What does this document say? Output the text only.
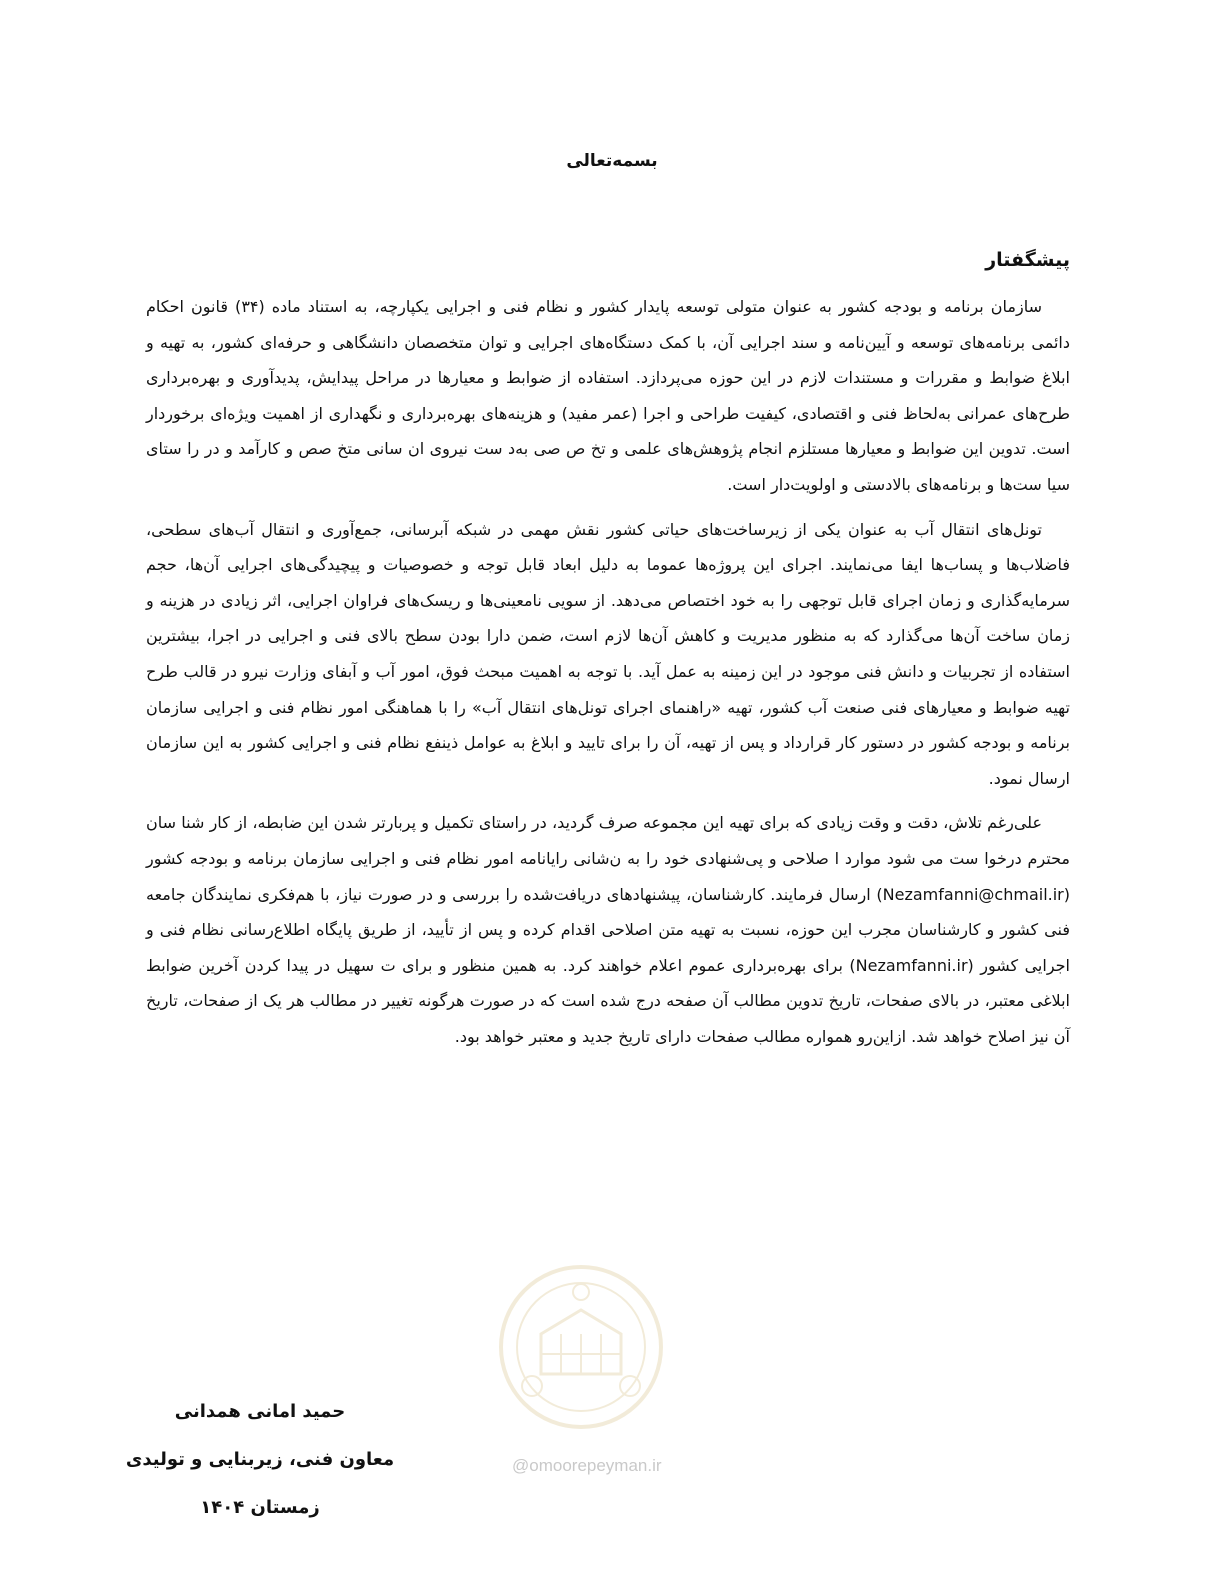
بسمه‌تعالی
پیشگفتار

سازمان برنامه و بودجه کشور به عنوان متولی توسعه پایدار کشور و نظام فنی و اجرایی یکپارچه، به استناد ماده (۳۴) قانون احکام دائمی برنامه‌های توسعه و آیین‌نامه و سند اجرایی آن، با کمک دستگاه‌های اجرایی و توان متخصصان دانشگاهی و حرفه‌ای کشور، به تهیه و ابلاغ ضوابط و مقررات و مستندات لازم در این حوزه می‌پردازد. استفاده از ضوابط و معیارها در مراحل پیدایش، پدیدآوری و بهره‌برداری طرح‌های عمرانی به‌لحاظ فنی و اقتصادی، کیفیت طراحی و اجرا (عمر مفید) و هزینه‌های بهره‌برداری و نگهداری از اهمیت ویژه‌ای برخوردار است. تدوین این ضوابط و معیارها مستلزم انجام پژوهش‌های علمی و تخ ص صی به‌د ست نیروی ان سانی متخ صص و کارآمد و در را ستای سیا ست‌ها و برنامه‌های بالادستی و اولویت‌دار است.

تونل‌های انتقال آب به عنوان یکی از زیرساخت‌های حیاتی کشور نقش مهمی در شبکه آبرسانی، جمع‌آوری و انتقال آب‌های سطحی، فاضلاب‌ها و پساب‌ها ایفا می‌نمایند. اجرای این پروژه‌ها عموما به دلیل ابعاد قابل توجه و خصوصیات و پیچیدگی‌های اجرایی آن‌ها، حجم سرمایه‌گذاری و زمان اجرای قابل توجهی را به خود اختصاص می‌دهد. از سویی نامعینی‌ها و ریسک‌های فراوان اجرایی، اثر زیادی در هزینه و زمان ساخت آن‌ها می‌گذارد که به منظور مدیریت و کاهش آن‌ها لازم است، ضمن دارا بودن سطح بالای فنی و اجرایی در اجرا، بیشترین استفاده از تجربیات و دانش فنی موجود در این زمینه به عمل آید. با توجه به اهمیت مبحث فوق، امور آب و آبفای وزارت نیرو در قالب طرح تهیه ضوابط و معیارهای فنی صنعت آب کشور، تهیه «راهنمای اجرای تونل‌های انتقال آب» را با هماهنگی امور نظام فنی و اجرایی سازمان برنامه و بودجه کشور در دستور کار قرارداد و پس از تهیه، آن را برای تایید و ابلاغ به عوامل ذینفع نظام فنی و اجرایی کشور به این سازمان ارسال نمود.

علی‌رغم تلاش، دقت و وقت زیادی که برای تهیه این مجموعه صرف گردید، در راستای تکمیل و پربارتر شدن این ضابطه، از کار شنا سان محترم درخوا ست می شود موارد ا صلاحی و پی‌شنهادی خود را به ن‌شانی رایانامه امور نظام فنی و اجرایی سازمان برنامه و بودجه کشور (Nezamfanni@chmail.ir) ارسال فرمایند. کارشناسان، پیشنهادهای دریافت‌شده را بررسی و در صورت نیاز، با هم‌فکری نمایندگان جامعه فنی کشور و کارشناسان مجرب این حوزه، نسبت به تهیه متن اصلاحی اقدام کرده و پس از تأیید، از طریق پایگاه اطلاع‌رسانی نظام فنی و اجرایی کشور (Nezamfanni.ir) برای بهره‌برداری عموم اعلام خواهند کرد. به همین منظور و برای ت سهیل در پیدا کردن آخرین ضوابط ابلاغی معتبر، در بالای صفحات، تاریخ تدوین مطالب آن صفحه درج شده است که در صورت هرگونه تغییر در مطالب هر یک از صفحات، تاریخ آن نیز اصلاح خواهد شد. ازاین‌رو همواره مطالب صفحات دارای تاریخ جدید و معتبر خواهد بود.

@omoorepeyman.ir
حمید امانی همدانی
معاون فنی، زیربنایی و تولیدی
زمستان ۱۴۰۴
